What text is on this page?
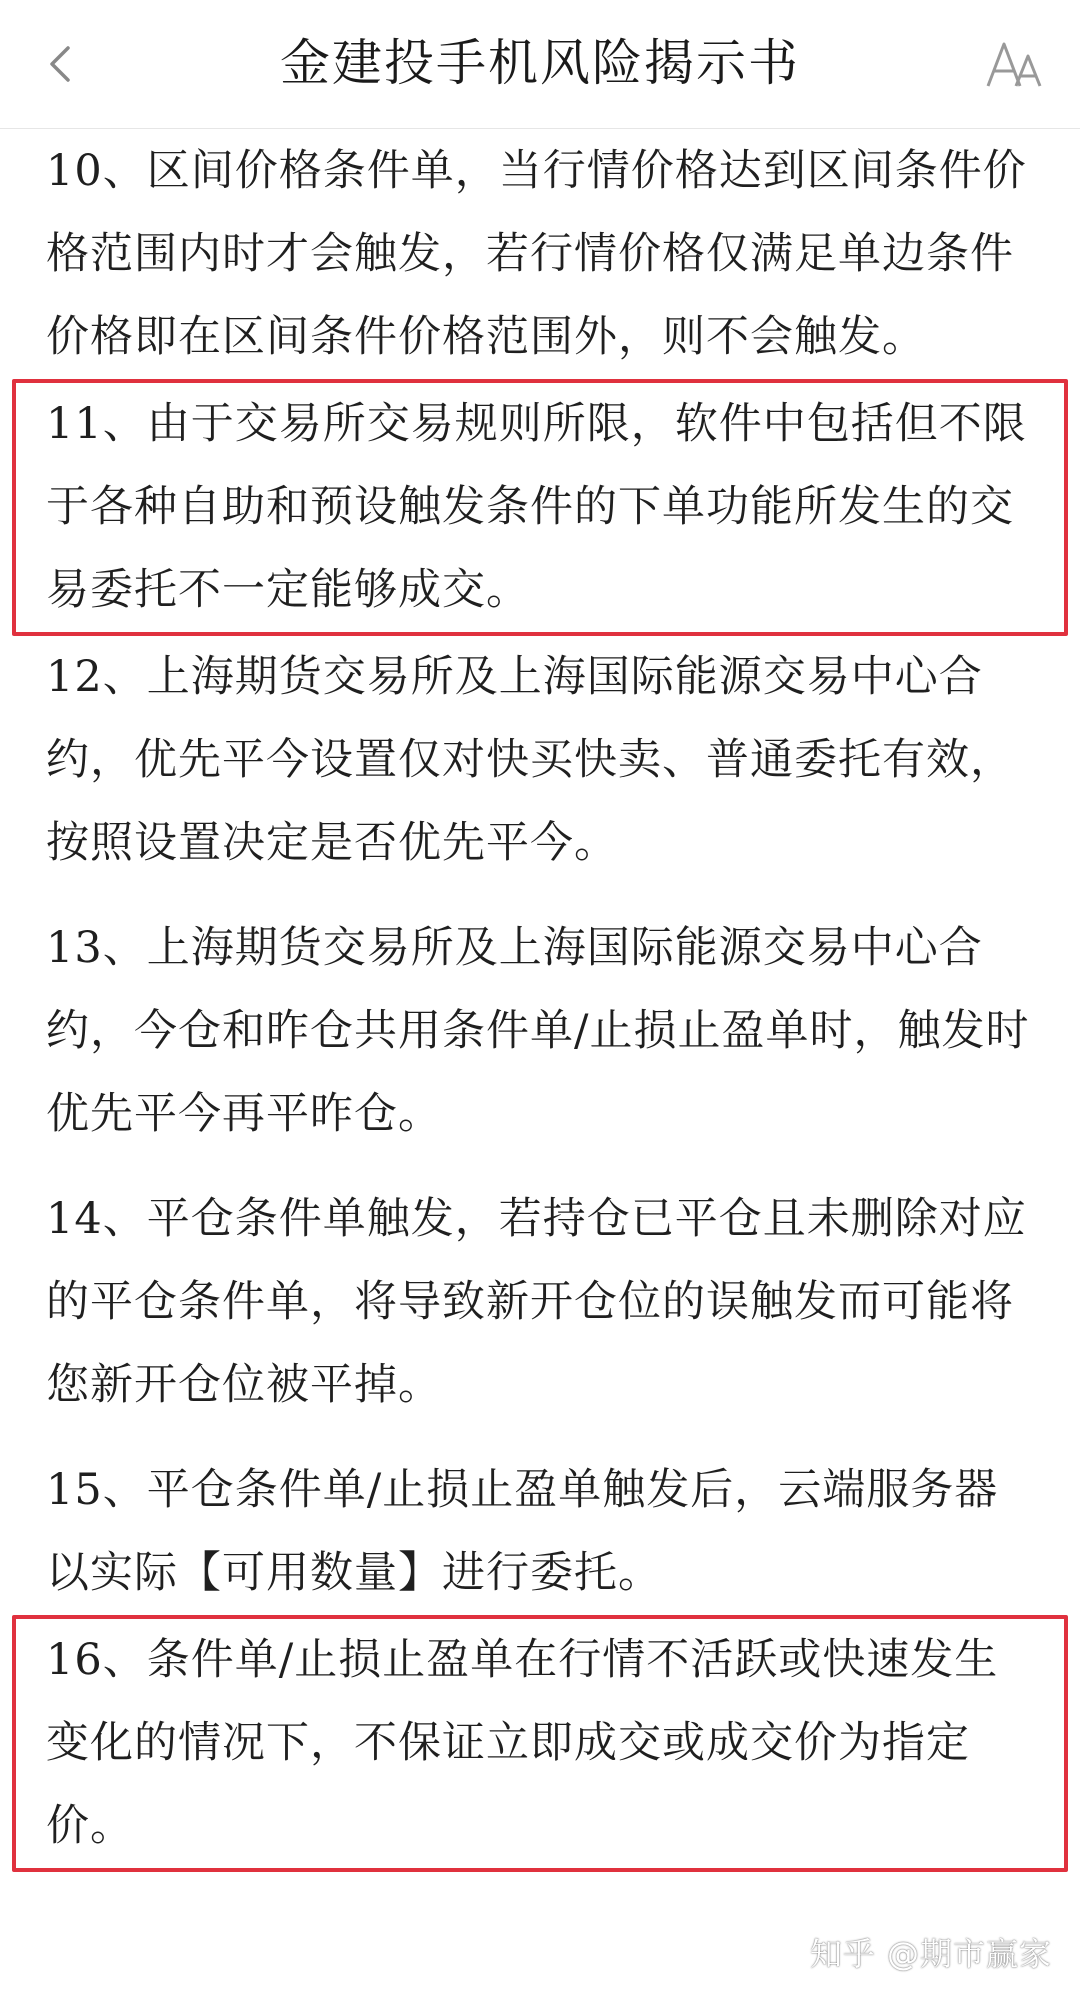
金建投手机风险揭示书

10、区间价格条件单，当行情价格达到区间条件价格范围内时才会触发，若行情价格仅满足单边条件价格即在区间条件价格范围外，则不会触发。

11、由于交易所交易规则所限，软件中包括但不限于各种自助和预设触发条件的下单功能所发生的交易委托不一定能够成交。

12、上海期货交易所及上海国际能源交易中心合约，优先平今设置仅对快买快卖、普通委托有效，按照设置决定是否优先平今。

13、上海期货交易所及上海国际能源交易中心合约，今仓和昨仓共用条件单/止损止盈单时，触发时优先平今再平昨仓。

14、平仓条件单触发，若持仓已平仓且未删除对应的平仓条件单，将导致新开仓位的误触发而可能将您新开仓位被平掉。

15、平仓条件单/止损止盈单触发后，云端服务器以实际【可用数量】进行委托。

16、条件单/止损止盈单在行情不活跃或快速发生变化的情况下，不保证立即成交或成交价为指定价。

知乎 @期市赢家
